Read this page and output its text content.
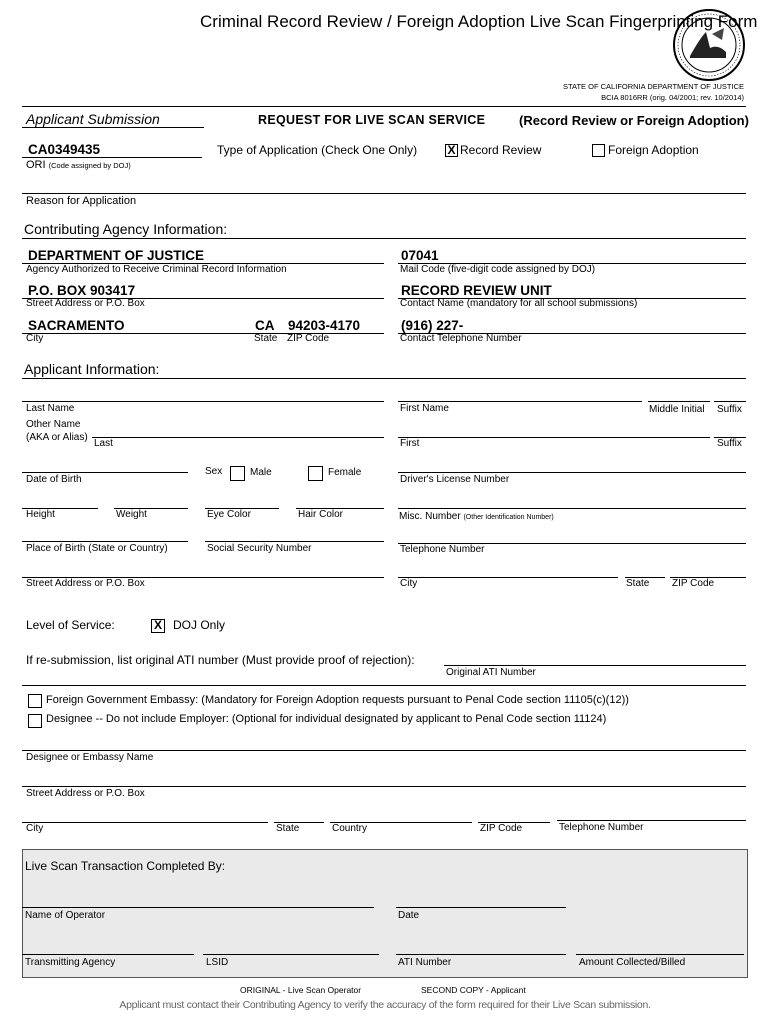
Criminal Record Review / Foreign Adoption Live Scan Fingerprinting Form
STATE OF CALIFORNIA DEPARTMENT OF JUSTICE
BCIA 8016RR (orig. 04/2001; rev. 10/2014)
Applicant Submission	REQUEST FOR LIVE SCAN SERVICE	(Record Review or Foreign Adoption)
CA0349435
ORI (Code assigned by DOJ)
Type of Application (Check One Only)	X Record Review	Foreign Adoption
Reason for Application
Contributing Agency Information:
DEPARTMENT OF JUSTICE
Agency Authorized to Receive Criminal Record Information
07041
Mail Code (five-digit code assigned by DOJ)
P.O. BOX 903417
Street Address or P.O. Box
RECORD REVIEW UNIT
Contact Name (mandatory for all school submissions)
SACRAMENTO
City
CA
State
94203-4170
ZIP Code
(916) 227-
Contact Telephone Number
Applicant Information:
Last Name	First Name	Middle Initial Suffix
Other Name
(AKA or Alias)
Last	First	Suffix
Sex	Male	Female
Date of Birth	Driver's License Number
Height	Weight	Eye Color	Hair Color	Misc. Number (Other Identification Number)
Place of Birth (State or Country)	Social Security Number	Telephone Number
Street Address or P.O. Box	City	State ZIP Code
Level of Service:	X DOJ Only
If re-submission, list original ATI number (Must provide proof of rejection):
Original ATI Number
Foreign Government Embassy: (Mandatory for Foreign Adoption requests pursuant to Penal Code section 11105(c)(12))
Designee -- Do not include Employer: (Optional for individual designated by applicant to Penal Code section 11124)
Designee or Embassy Name
Street Address or P.O. Box
City	State	Country	ZIP Code	Telephone Number
Live Scan Transaction Completed By:
Name of Operator	Date
Transmitting Agency	LSID	ATI Number	Amount Collected/Billed
ORIGINAL - Live Scan Operator	SECOND COPY - Applicant
Applicant must contact their Contributing Agency to verify the accuracy of the form required for their Live Scan submission.
